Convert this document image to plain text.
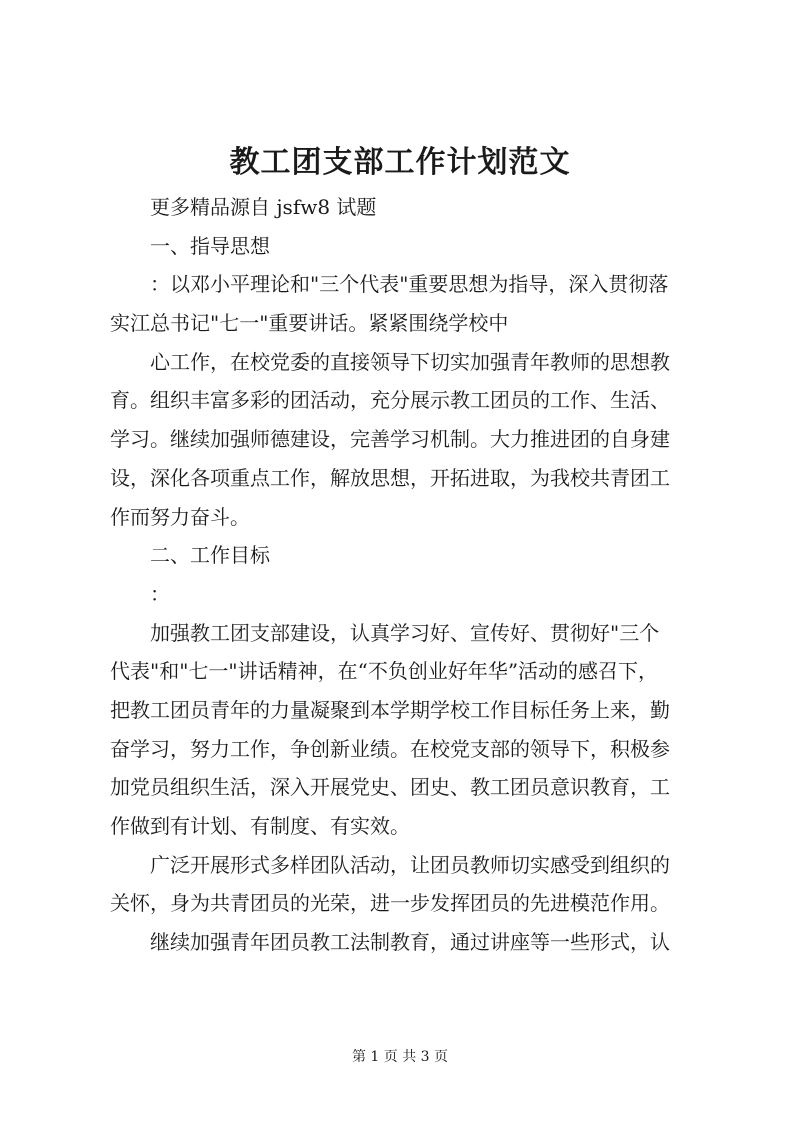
教工团支部工作计划范文

　　更多精品源自 jsfw8 试题

　　一、指导思想

　　：以邓小平理论和"三个代表"重要思想为指导，深入贯彻落

实江总书记"七一"重要讲话。紧紧围绕学校中

　　心工作，在校党委的直接领导下切实加强青年教师的思想教

育。组织丰富多彩的团活动，充分展示教工团员的工作、生活、

学习。继续加强师德建设，完善学习机制。大力推进团的自身建

设，深化各项重点工作，解放思想，开拓进取，为我校共青团工

作而努力奋斗。

　　二、工作目标

　　：

　　加强教工团支部建设，认真学习好、宣传好、贯彻好"三个

代表"和"七一"讲话精神，在“不负创业好年华”活动的感召下，

把教工团员青年的力量凝聚到本学期学校工作目标任务上来，勤

奋学习，努力工作，争创新业绩。在校党支部的领导下，积极参

加党员组织生活，深入开展党史、团史、教工团员意识教育，工

作做到有计划、有制度、有实效。

　　广泛开展形式多样团队活动，让团员教师切实感受到组织的

关怀，身为共青团员的光荣，进一步发挥团员的先进模范作用。

　　继续加强青年团员教工法制教育，通过讲座等一些形式，认

第 1 页 共 3 页
